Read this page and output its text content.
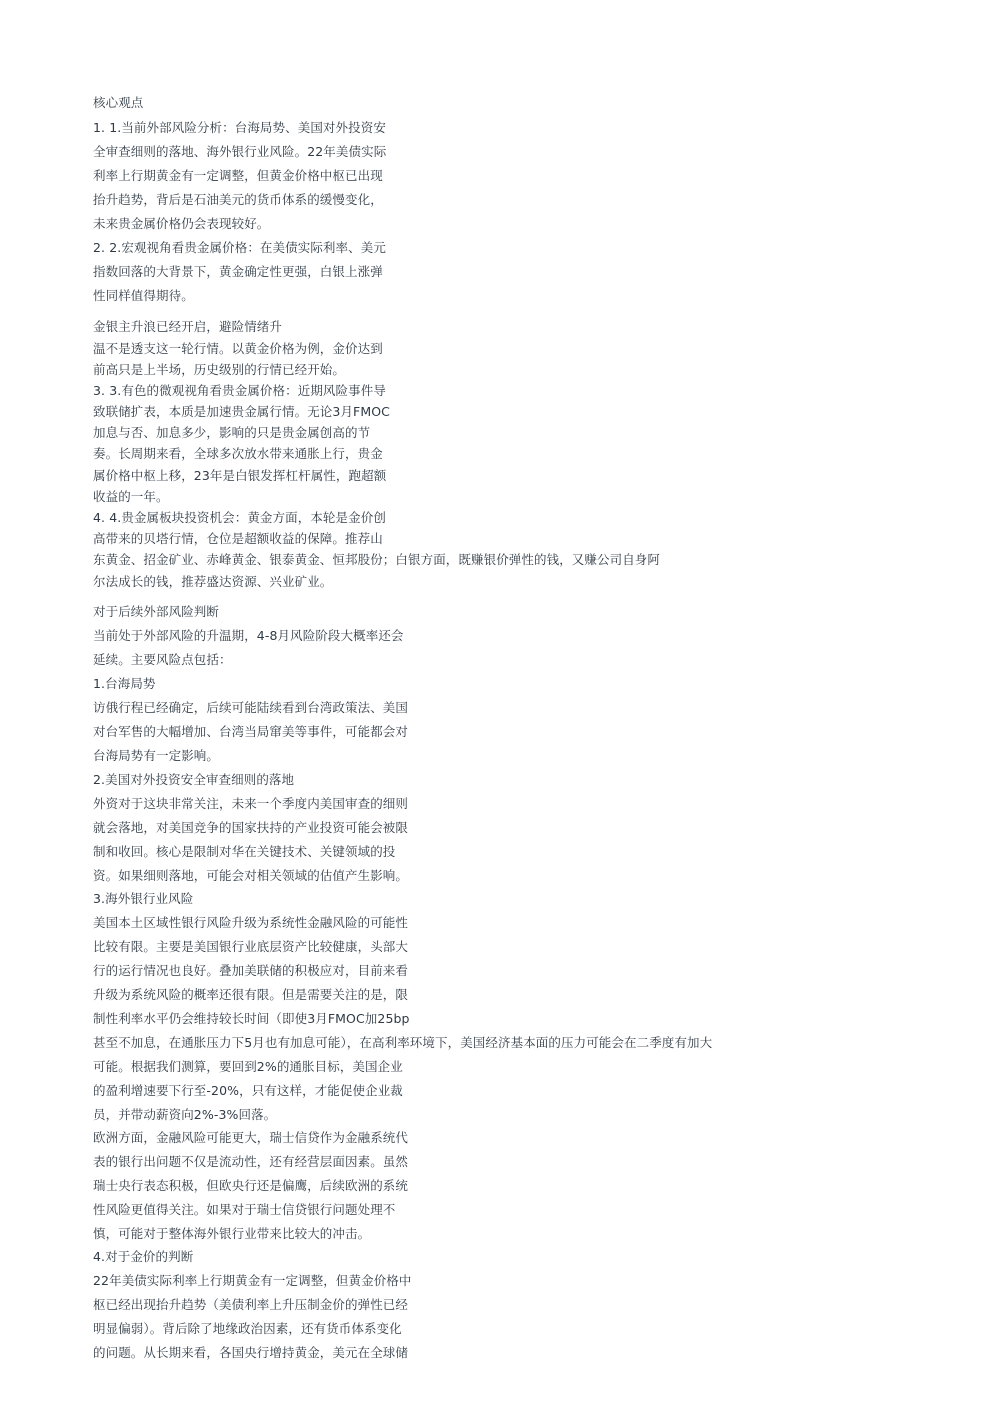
核心观点
1. 1.当前外部风险分析：台海局势、美国对外投资安
全审查细则的落地、海外银行业风险。22年美债实际
利率上行期黄金有一定调整，但黄金价格中枢已出现
抬升趋势，背后是石油美元的货币体系的缓慢变化，
未来贵金属价格仍会表现较好。
2. 2.宏观视角看贵金属价格：在美债实际利率、美元
指数回落的大背景下，黄金确定性更强，白银上涨弹
性同样值得期待。
金银主升浪已经开启，避险情绪升
温不是透支这一轮行情。以黄金价格为例，金价达到
前高只是上半场，历史级别的行情已经开始。
3. 3.有色的微观视角看贵金属价格：近期风险事件导
致联储扩表，本质是加速贵金属行情。无论3月FMOC
加息与否、加息多少，影响的只是贵金属创高的节
奏。长周期来看，全球多次放水带来通胀上行，贵金
属价格中枢上移，23年是白银发挥杠杆属性，跑超额
收益的一年。
4. 4.贵金属板块投资机会：黄金方面，本轮是金价创
高带来的贝塔行情，仓位是超额收益的保障。推荐山
东黄金、招金矿业、赤峰黄金、银泰黄金、恒邦股份；白银方面，既赚银价弹性的钱，又赚公司自身阿
尔法成长的钱，推荐盛达资源、兴业矿业。
对于后续外部风险判断
当前处于外部风险的升温期，4-8月风险阶段大概率还会
延续。主要风险点包括：
1.台海局势
访俄行程已经确定，后续可能陆续看到台湾政策法、美国
对台军售的大幅增加、台湾当局窜美等事件，可能都会对
台海局势有一定影响。
2.美国对外投资安全审查细则的落地
外资对于这块非常关注，未来一个季度内美国审查的细则
就会落地，对美国竞争的国家扶持的产业投资可能会被限
制和收回。核心是限制对华在关键技术、关键领域的投
资。如果细则落地，可能会对相关领域的估值产生影响。
3.海外银行业风险
美国本土区域性银行风险升级为系统性金融风险的可能性
比较有限。主要是美国银行业底层资产比较健康，头部大
行的运行情况也良好。叠加美联储的积极应对，目前来看
升级为系统风险的概率还很有限。但是需要关注的是，限
制性利率水平仍会维持较长时间（即使3月FMOC加25bp
甚至不加息，在通胀压力下5月也有加息可能），在高利率环境下，美国经济基本面的压力可能会在二季度有加大
可能。根据我们测算，要回到2%的通胀目标，美国企业
的盈利增速要下行至-20%，只有这样，才能促使企业裁
员，并带动薪资向2%-3%回落。
欧洲方面，金融风险可能更大，瑞士信贷作为金融系统代
表的银行出问题不仅是流动性，还有经营层面因素。虽然
瑞士央行表态积极，但欧央行还是偏鹰，后续欧洲的系统
性风险更值得关注。如果对于瑞士信贷银行问题处理不
慎，可能对于整体海外银行业带来比较大的冲击。
4.对于金价的判断
22年美债实际利率上行期黄金有一定调整，但黄金价格中
枢已经出现抬升趋势（美债利率上升压制金价的弹性已经
明显偏弱）。背后除了地缘政治因素，还有货币体系变化
的问题。从长期来看，各国央行增持黄金，美元在全球储
